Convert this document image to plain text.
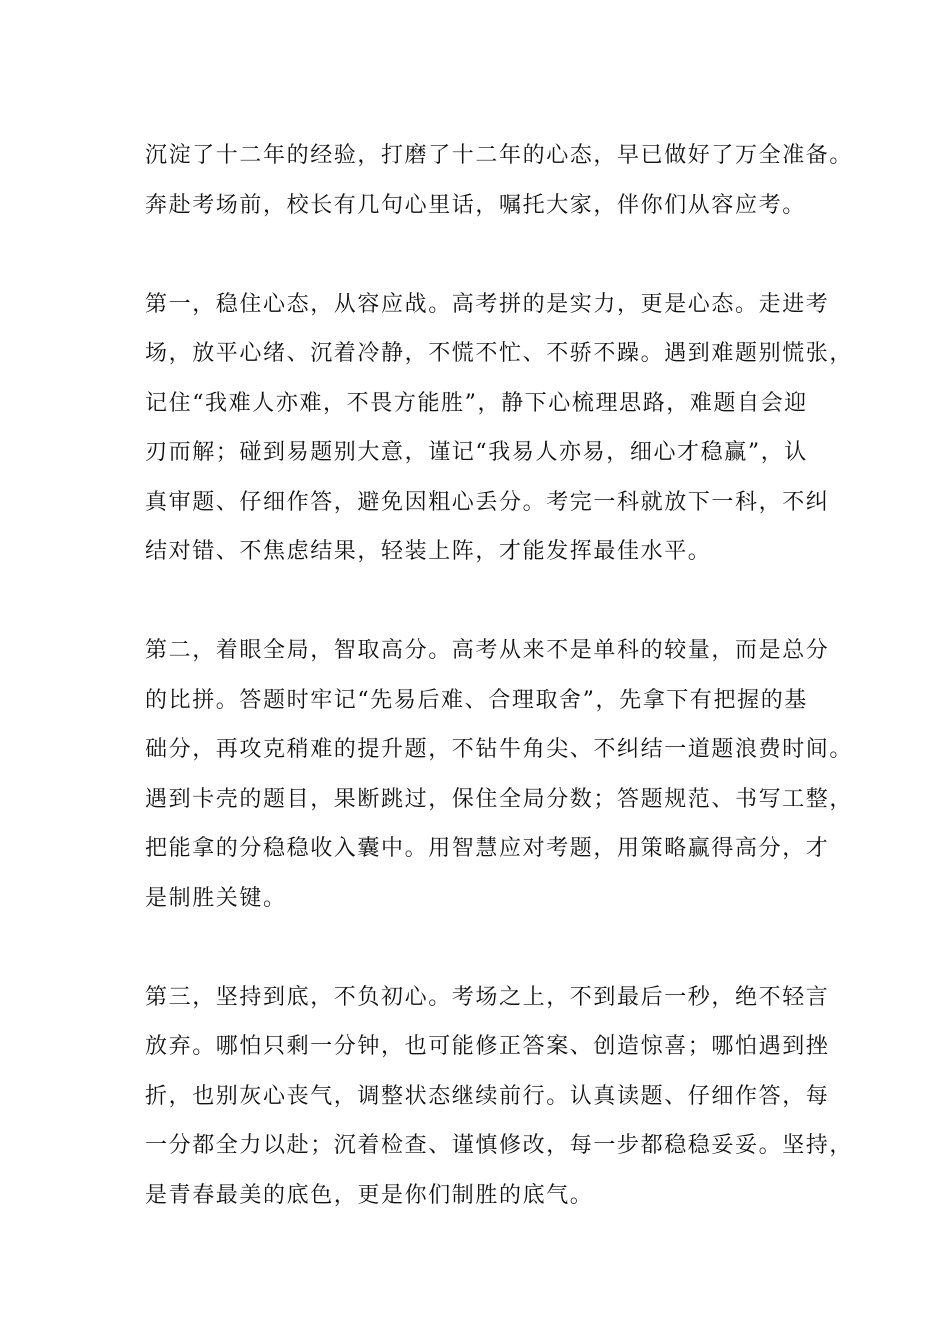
沉淀了十二年的经验，打磨了十二年的心态，早已做好了万全准备。
奔赴考场前，校长有几句心里话，嘱托大家，伴你们从容应考。

第一，稳住心态，从容应战。高考拼的是实力，更是心态。走进考
场，放平心绪、沉着冷静，不慌不忙、不骄不躁。遇到难题别慌张，
记住“我难人亦难，不畏方能胜”，静下心梳理思路，难题自会迎
刃而解；碰到易题别大意，谨记“我易人亦易，细心才稳赢”，认
真审题、仔细作答，避免因粗心丢分。考完一科就放下一科，不纠
结对错、不焦虑结果，轻装上阵，才能发挥最佳水平。

第二，着眼全局，智取高分。高考从来不是单科的较量，而是总分
的比拼。答题时牢记“先易后难、合理取舍”，先拿下有把握的基
础分，再攻克稍难的提升题，不钻牛角尖、不纠结一道题浪费时间。
遇到卡壳的题目，果断跳过，保住全局分数；答题规范、书写工整，
把能拿的分稳稳收入囊中。用智慧应对考题，用策略赢得高分，才
是制胜关键。

第三，坚持到底，不负初心。考场之上，不到最后一秒，绝不轻言
放弃。哪怕只剩一分钟，也可能修正答案、创造惊喜；哪怕遇到挫
折，也别灰心丧气，调整状态继续前行。认真读题、仔细作答，每
一分都全力以赴；沉着检查、谨慎修改，每一步都稳稳妥妥。坚持，
是青春最美的底色，更是你们制胜的底气。
